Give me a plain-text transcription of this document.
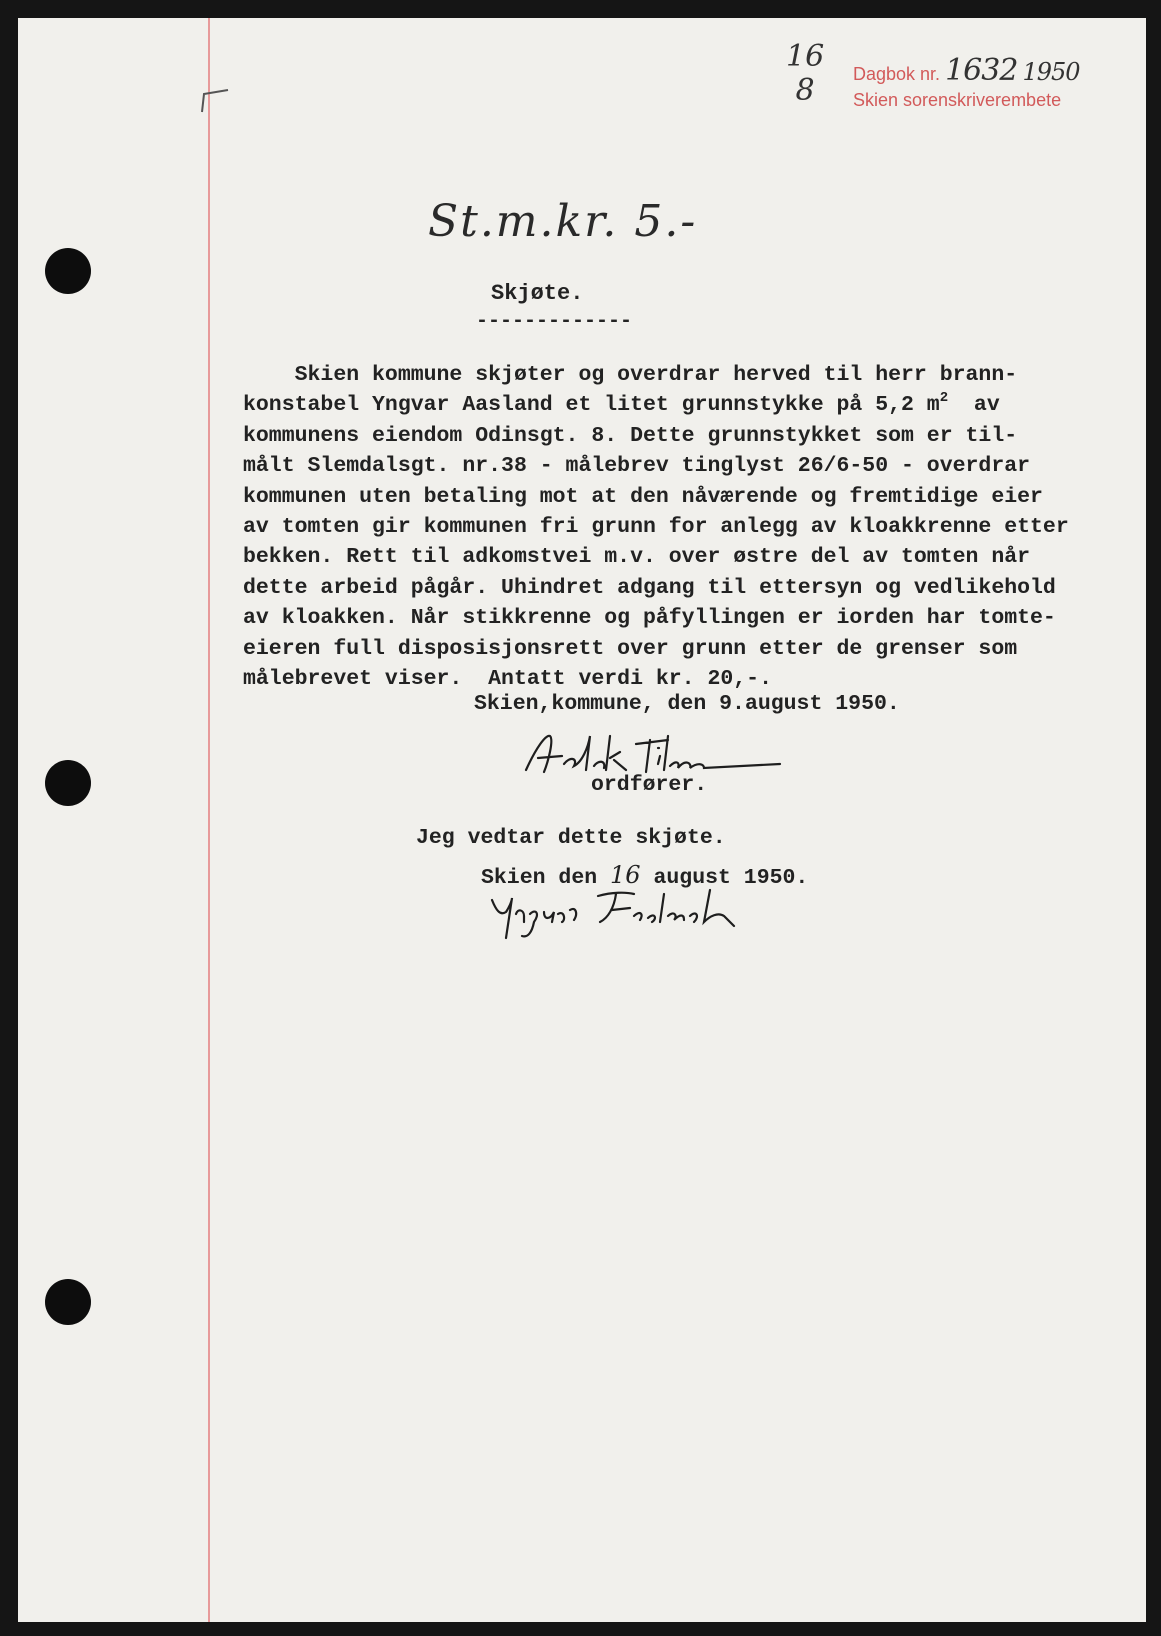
16
8	Dagbok nr. 1632 1950
Skien sorenskriverembete
St.m.kr. 5.-
Skjøte.
-------------
Skien kommune skjøter og overdrar herved til herr brann-
konstabel Yngvar Aasland et litet grunnstykke på 5,2 $m^2$  av
kommunens eiendom Odinsgt. 8. Dette grunnstykket som er til-
målt Slemdalsgt. nr.38 - målebrev tinglyst 26/6-50 - overdrar
kommunen uten betaling mot at den nåværende og fremtidige eier
av tomten gir kommunen fri grunn for anlegg av kloakkrenne etter
bekken. Rett til adkomstvei m.v. over østre del av tomten når
dette arbeid pågår. Uhindret adgang til ettersyn og vedlikehold
av kloakken. Når stikkrenne og påfyllingen er iorden har tomte-
eieren full disposisjonsrett over grunn etter de grenser som
målebrevet viser.  Antatt verdi kr. 20,-.
Skien,kommune, den 9.august 1950.
ordfører.
Jeg vedtar dette skjøte.
Skien den 16 august 1950.
